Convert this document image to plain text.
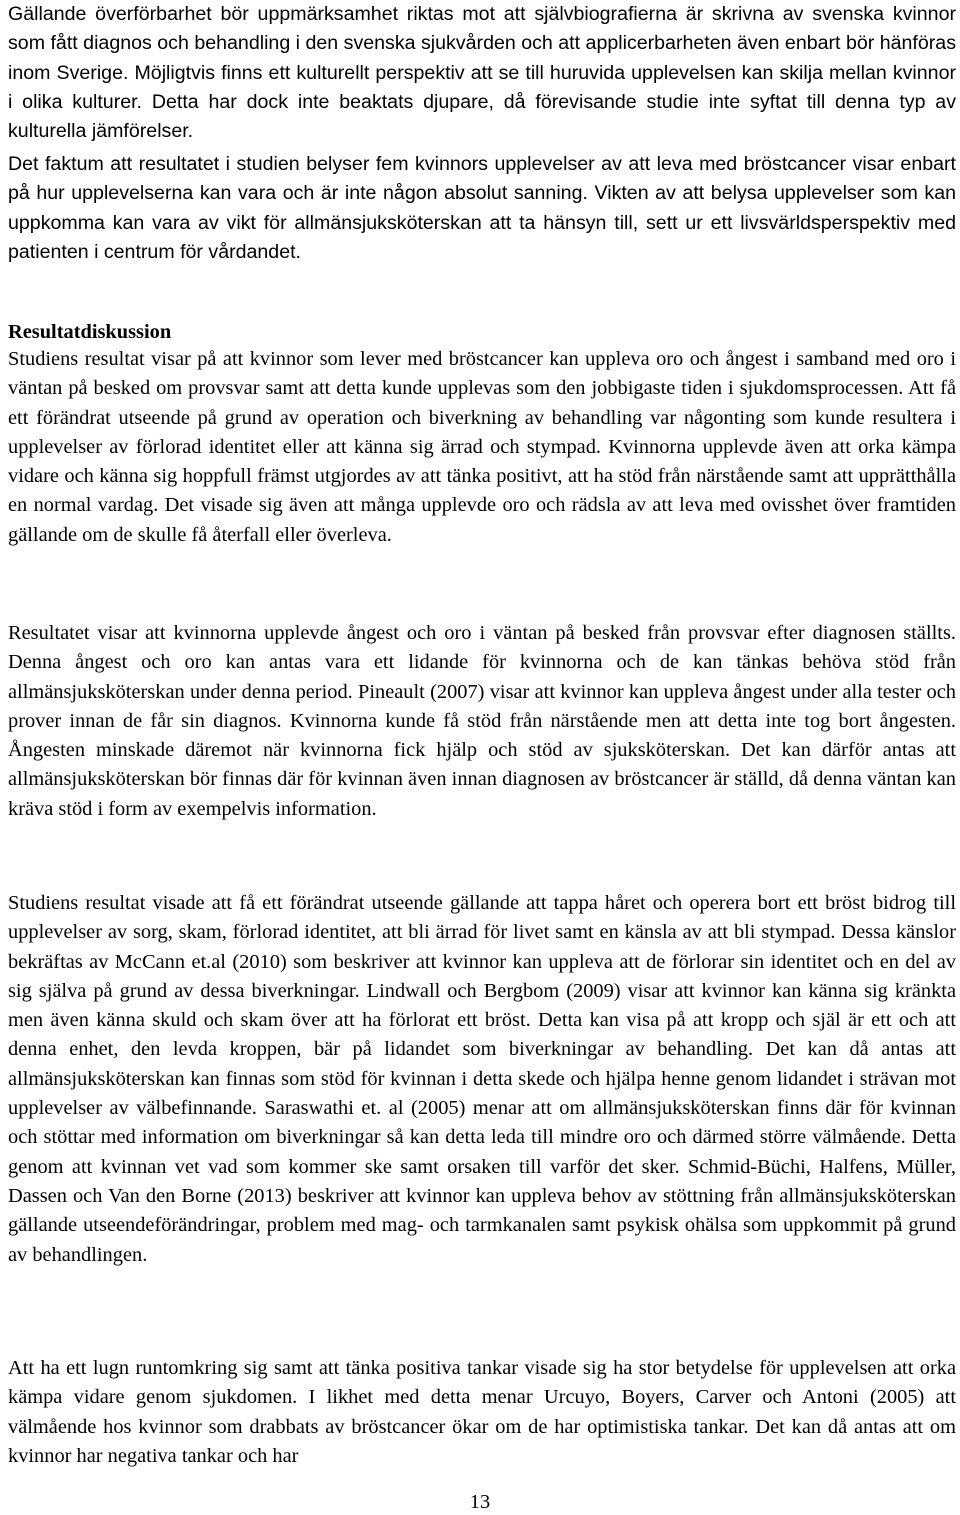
Gällande överförbarhet bör uppmärksamhet riktas mot att självbiografierna är skrivna av svenska kvinnor som fått diagnos och behandling i den svenska sjukvården och att applicerbarheten även enbart bör hänföras inom Sverige. Möjligtvis finns ett kulturellt perspektiv att se till huruvida upplevelsen kan skilja mellan kvinnor i olika kulturer. Detta har dock inte beaktats djupare, då förevisande studie inte syftat till denna typ av kulturella jämförelser.

Det faktum att resultatet i studien belyser fem kvinnors upplevelser av att leva med bröstcancer visar enbart på hur upplevelserna kan vara och är inte någon absolut sanning. Vikten av att belysa upplevelser som kan uppkomma kan vara av vikt för allmänsjuksköterskan att ta hänsyn till, sett ur ett livsvärldsperspektiv med patienten i centrum för vårdandet.

Resultatdiskussion

Studiens resultat visar på att kvinnor som lever med bröstcancer kan uppleva oro och ångest i samband med oro i väntan på besked om provsvar samt att detta kunde upplevas som den jobbigaste tiden i sjukdomsprocessen. Att få ett förändrat utseende på grund av operation och biverkning av behandling var någonting som kunde resultera i upplevelser av förlorad identitet eller att känna sig ärrad och stympad. Kvinnorna upplevde även att orka kämpa vidare och känna sig hoppfull främst utgjordes av att tänka positivt, att ha stöd från närstående samt att upprätthålla en normal vardag. Det visade sig även att många upplevde oro och rädsla av att leva med ovisshet över framtiden gällande om de skulle få återfall eller överleva.

Resultatet visar att kvinnorna upplevde ångest och oro i väntan på besked från provsvar efter diagnosen ställts. Denna ångest och oro kan antas vara ett lidande för kvinnorna och de kan tänkas behöva stöd från allmänsjuksköterskan under denna period. Pineault (2007) visar att kvinnor kan uppleva ångest under alla tester och prover innan de får sin diagnos. Kvinnorna kunde få stöd från närstående men att detta inte tog bort ångesten. Ångesten minskade däremot när kvinnorna fick hjälp och stöd av sjuksköterskan. Det kan därför antas att allmänsjuksköterskan bör finnas där för kvinnan även innan diagnosen av bröstcancer är ställd, då denna väntan kan kräva stöd i form av exempelvis information.

Studiens resultat visade att få ett förändrat utseende gällande att tappa håret och operera bort ett bröst bidrog till upplevelser av sorg, skam, förlorad identitet, att bli ärrad för livet samt en känsla av att bli stympad. Dessa känslor bekräftas av McCann et.al (2010) som beskriver att kvinnor kan uppleva att de förlorar sin identitet och en del av sig själva på grund av dessa biverkningar. Lindwall och Bergbom (2009) visar att kvinnor kan känna sig kränkta men även känna skuld och skam över att ha förlorat ett bröst. Detta kan visa på att kropp och själ är ett och att denna enhet, den levda kroppen, bär på lidandet som biverkningar av behandling. Det kan då antas att allmänsjuksköterskan kan finnas som stöd för kvinnan i detta skede och hjälpa henne genom lidandet i strävan mot upplevelser av välbefinnande. Saraswathi et. al (2005) menar att om allmänsjuksköterskan finns där för kvinnan och stöttar med information om biverkningar så kan detta leda till mindre oro och därmed större välmående. Detta genom att kvinnan vet vad som kommer ske samt orsaken till varför det sker. Schmid-Büchi, Halfens, Müller, Dassen och Van den Borne (2013) beskriver att kvinnor kan uppleva behov av stöttning från allmänsjuksköterskan gällande utseendeförändringar, problem med mag- och tarmkanalen samt psykisk ohälsa som uppkommit på grund av behandlingen.

Att ha ett lugn runtomkring sig samt att tänka positiva tankar visade sig ha stor betydelse för upplevelsen att orka kämpa vidare genom sjukdomen. I likhet med detta menar Urcuyo, Boyers, Carver och Antoni (2005) att välmående hos kvinnor som drabbats av bröstcancer ökar om de har optimistiska tankar. Det kan då antas att om kvinnor har negativa tankar och har

13
